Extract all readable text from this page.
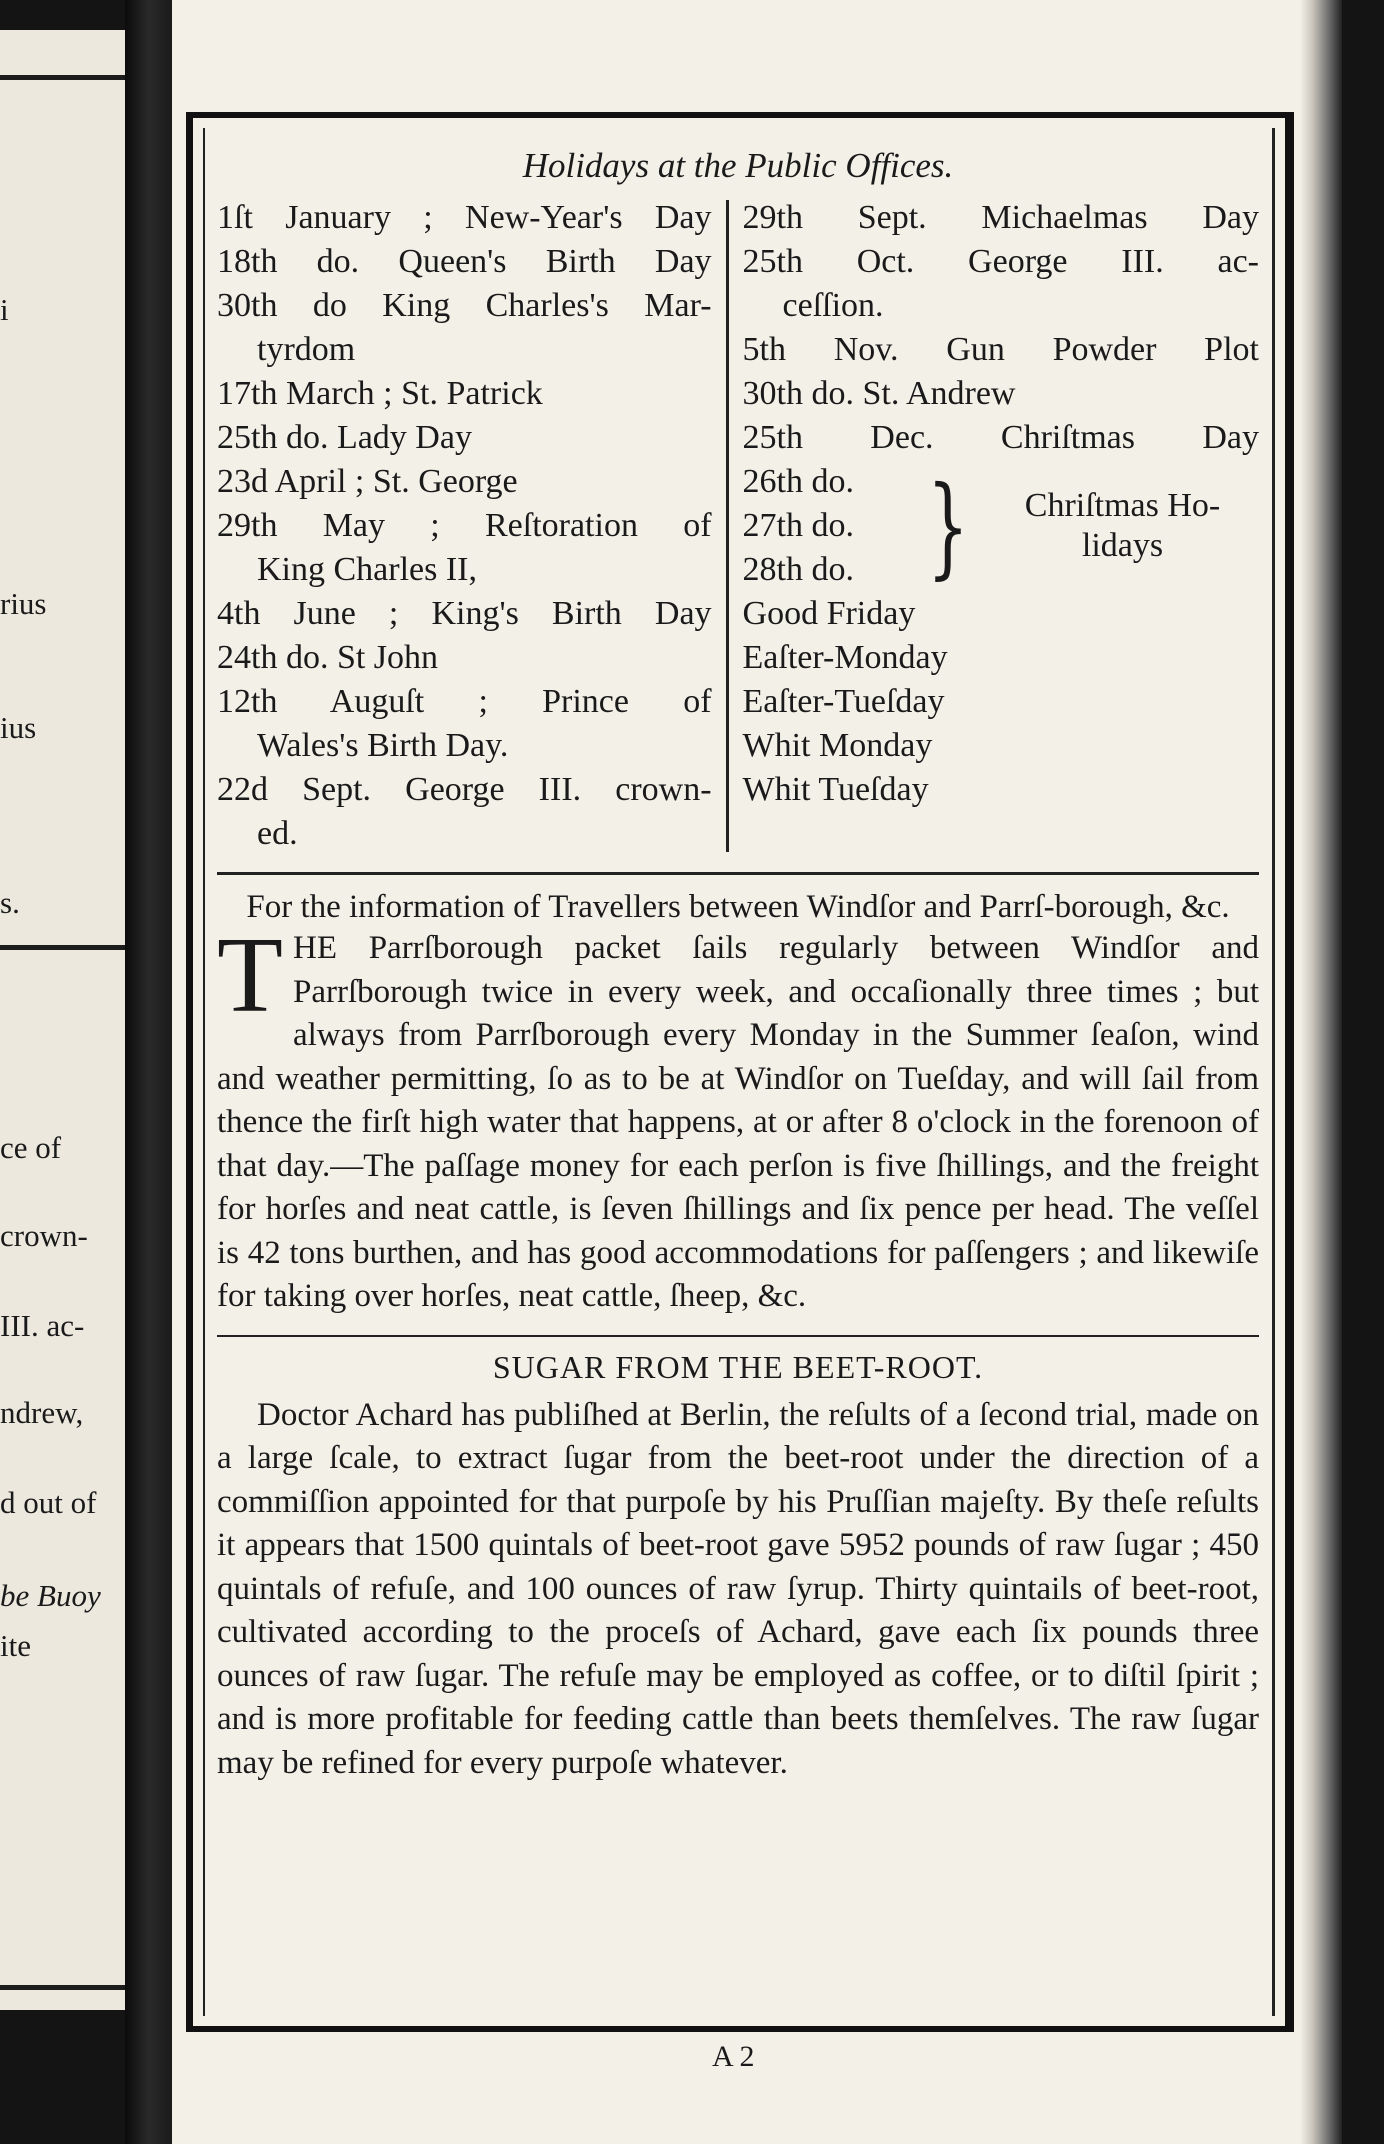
i
rius
ius
s.
ce of
crown-
III. ac-
ndrew,
d out of
be Buoy
ite
Holidays at the Public Offices.
1ſt January ; New-Year's Day
18th do. Queen's Birth Day
30th do King Charles's Mar-
tyrdom
17th March ; St. Patrick
25th do. Lady Day
23d April ; St. George
29th May ; Reſtoration of
King Charles II,
4th June ; King's Birth Day
24th do. St John
12th Auguſt ; Prince of
Wales's Birth Day.
22d Sept. George III. crown-
ed.
29th Sept. Michaelmas Day
25th Oct. George III. ac-
ceſſion.
5th Nov. Gun Powder Plot
30th do. St. Andrew
25th Dec. Chriſtmas Day
26th do.
27th do.
28th do. }	Chriſtmas Ho-lidays
Good Friday
Eaſter-Monday
Eaſter-Tueſday
Whit Monday
Whit Tueſday
For the information of Travellers between Windſor and Parrſ-borough, &c.
THE Parrſborough packet ſails regularly between Windſor and Parrſborough twice in every week, and occaſionally three times ; but always from Parrſborough every Monday in the Summer ſeaſon, wind and weather permitting, ſo as to be at Windſor on Tueſday, and will ſail from thence the firſt high water that happens, at or after 8 o'clock in the forenoon of that day.—The paſſage money for each perſon is five ſhillings, and the freight for horſes and neat cattle, is ſeven ſhillings and ſix pence per head. The veſſel is 42 tons burthen, and has good accommodations for paſſengers ; and likewiſe for taking over horſes, neat cattle, ſheep, &c.
SUGAR FROM THE BEET-ROOT.
Doctor Achard has publiſhed at Berlin, the reſults of a ſecond trial, made on a large ſcale, to extract ſugar from the beet-root under the direction of a commiſſion appointed for that purpoſe by his Pruſſian majeſty. By theſe reſults it appears that 1500 quintals of beet-root gave 5952 pounds of raw ſugar ; 450 quintals of refuſe, and 100 ounces of raw ſyrup. Thirty quintails of beet-root, cultivated according to the proceſs of Achard, gave each ſix pounds three ounces of raw ſugar. The refuſe may be employed as coffee, or to diſtil ſpirit ; and is more profitable for feeding cattle than beets themſelves. The raw ſugar may be refined for every purpoſe whatever.
A 2
